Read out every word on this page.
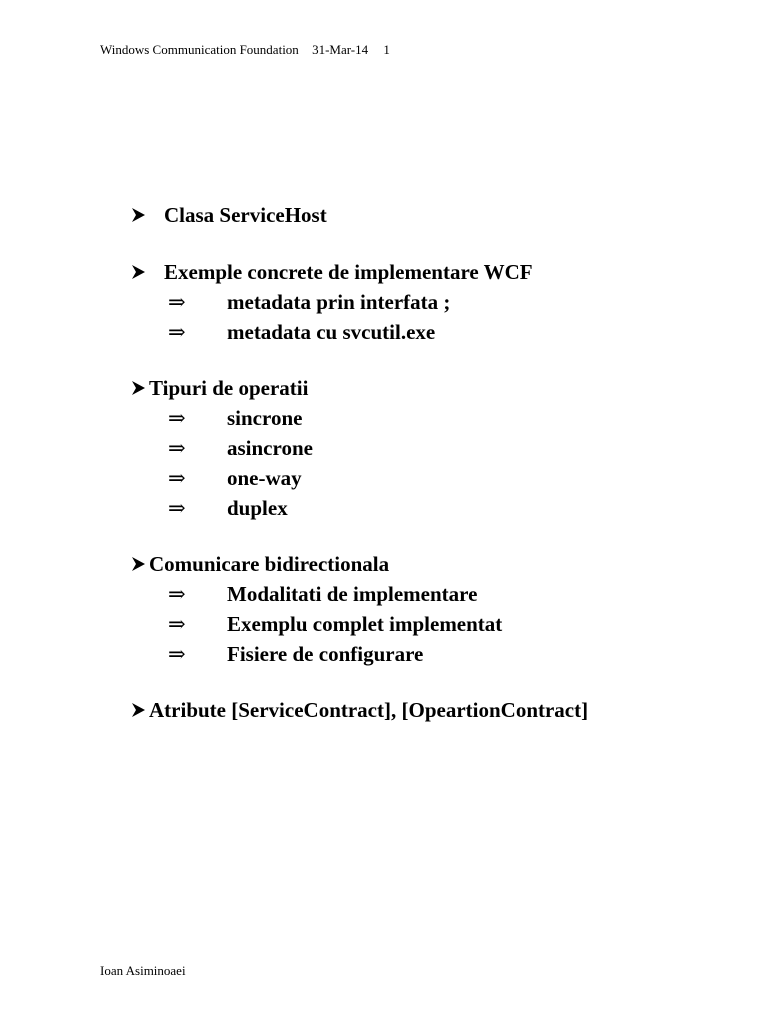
Windows Communication Foundation 31-Mar-14 1
Clasa ServiceHost
Exemple concrete de implementare WCF
⇒	metadata prin interfata ;
⇒	metadata cu svcutil.exe
Tipuri de operatii
⇒	sincrone
⇒	asincrone
⇒	one-way
⇒	duplex
Comunicare bidirectionala
⇒	Modalitati de implementare
⇒	Exemplu complet implementat
⇒	Fisiere de configurare
Atribute [ServiceContract], [OpeartionContract]
Ioan Asiminoaei
